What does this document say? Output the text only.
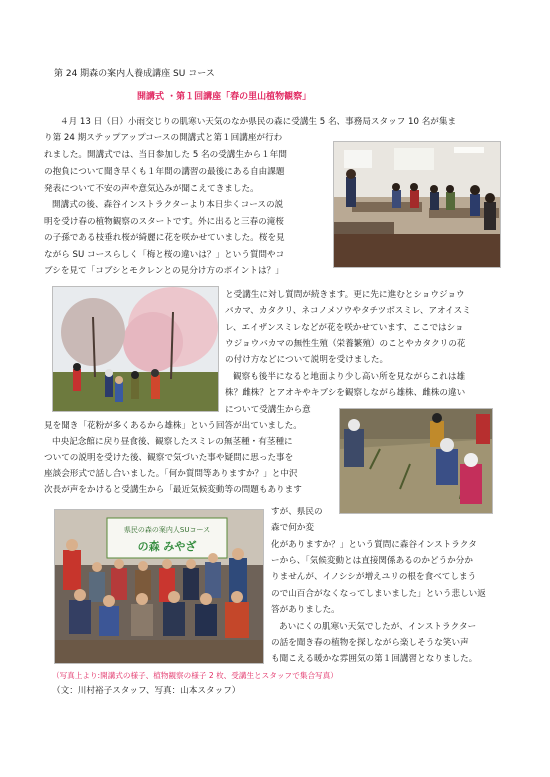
第 24 期森の案内人養成講座 SU コース
開講式 ・第１回講座「春の里山植物観察」
４月 13 日（日）小雨交じりの肌寒い天気のなか県民の森に受講生 5 名、事務局スタッフ 10 名が集ま
り第 24 期ステップアップコースの開講式と第１回講座が行わ
れました。開講式では、当日参加した 5 名の受講生から１年間
の抱負について聞き早くも１年間の講習の最後にある自由課題
発表について不安の声や意気込みが聞こえてきました。
開講式の後、森谷インストラクターより本日歩くコースの説
明を受け春の植物観察のスタートです。外に出ると三春の滝桜
の子孫である枝垂れ桜が綺麗に花を咲かせていました。桜を見
ながら SU コースらしく「梅と桜の違いは？」という質問やコ
ブシを見て「コブシとモクレンとの見分け方のポイントは？」
と受講生に対し質問が続きます。更に先に進むとショウジョウ
バカマ、カタクリ、ネコノメソウやタチツボスミレ、アオイスミ
レ、エイザンスミレなどが花を咲かせています、ここではショ
ウジョウバカマの無性生殖（栄養繁殖）のことやカタクリの花
の付け方などについて説明を受けました。
観察も後半になると地面より少し高い所を見ながらこれは雄
株？雌株？とアオキやキブシを観察しながら雄株、雌株の違い
について受講生から意
見を聞き「花粉が多くあるから雄株」という回答が出ていました。
中央記念館に戻り昼食後、観察したスミレの無茎種・有茎種に
ついての説明を受けた後、観察で気づいた事や疑問に思った事を
座談会形式で話し合いました。「何か質問等ありますか？」と中沢
次長が声をかけると受講生から「最近気候変動等の問題もあります
すが、県民の
森で何か変
化がありますか？」という質問に森谷インストラクタ
ーから、「気候変動とは直接関係あるのかどうか分か
りませんが、イノシシが増えユリの根を食べてしまう
ので山百合がなくなってしまいました」という悲しい返
答がありました。
あいにくの肌寒い天気でしたが、インストラクター
の話を聞き春の植物を探しながら楽しそうな笑い声
も聞こえる暖かな雰囲気の第１回講習となりました。
（写真上より:開講式の様子、植物観察の様子 2 枚、受講生とスタッフで集合写真）
（文：川村裕子スタッフ、写真：山本スタッフ）
県民の森の案内人SUコース
の森 みやざ
